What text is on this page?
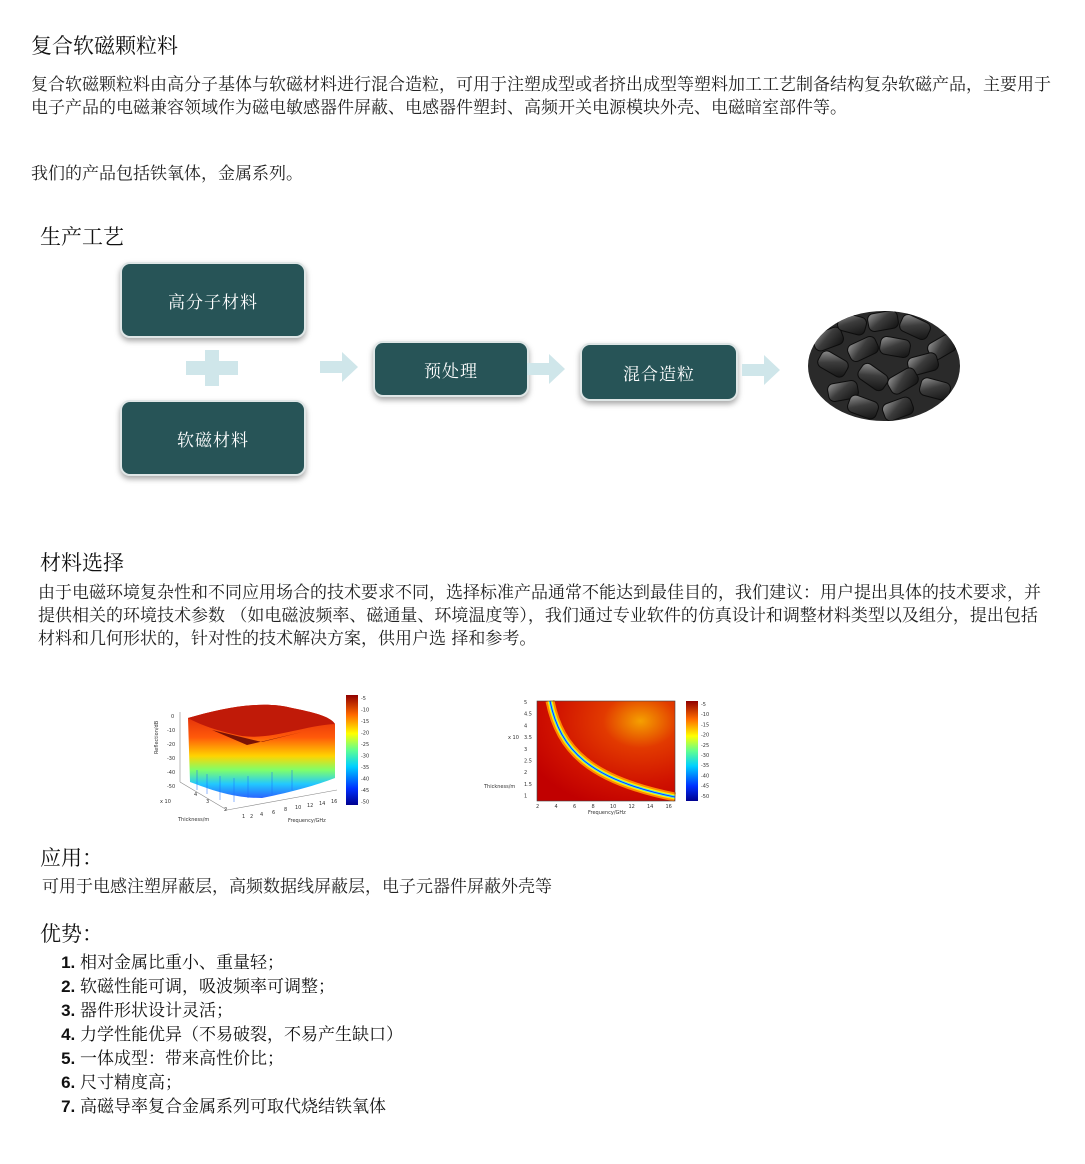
复合软磁颗粒料
复合软磁颗粒料由高分子基体与软磁材料进行混合造粒，可用于注塑成型或者挤出成型等塑料加工工艺制备结构复杂软磁产品，主要用于电子产品的电磁兼容领域作为磁电敏感器件屏蔽、电感器件塑封、高频开关电源模块外壳、电磁暗室部件等。
我们的产品包括铁氧体，金属系列。
生产工艺
高分子材料
软磁材料
预处理	混合造粒
材料选择
由于电磁环境复杂性和不同应用场合的技术要求不同，选择标准产品通常不能达到最佳目的，我们建议：用户提出具体的技术要求，并提供相关的环境技术参数 （如电磁波频率、磁通量、环境温度等），我们通过专业软件的仿真设计和调整材料类型以及组分，提出包括材料和几何形状的，针对性的技术解决方案，供用户选 择和参考。
Reflection/dB
0
-10
-20
-30
-40
-50
x 10
4
3
2
1 2 4 6 8 10 12 14 16
Thickness/m	Frequency/GHz
-5
-10
-15
-20
-25
-30
-35
-40
-45
-50
5
4.5
4
3.5
3
2.5
2
1.5
1
x 10
Thickness/m
2	4	6	8	10 12 14 16
Frequency/GHz
-5
-10
-15
-20
-25
-30
-35
-40
-45
-50
应用：
可用于电感注塑屏蔽层，高频数据线屏蔽层，电子元器件屏蔽外壳等
优势：
1. 相对金属比重小、重量轻；
2. 软磁性能可调，吸波频率可调整；
3. 器件形状设计灵活；
4. 力学性能优异（不易破裂，不易产生缺口）
5. 一体成型：带来高性价比；
6. 尺寸精度高；
7. 高磁导率复合金属系列可取代烧结铁氧体
